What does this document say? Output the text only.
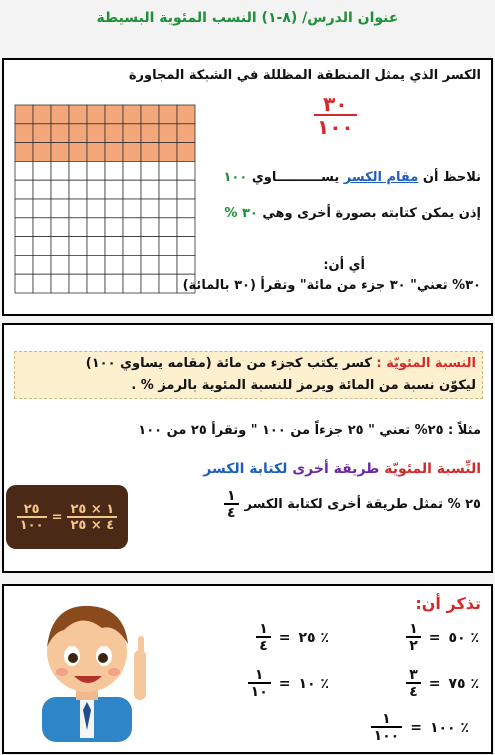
عنوان الدرس/ (٨-١) النسب المئوية البسيطة
الكسر الذي يمثل المنطقة المظللة في الشبكة المجاورة
٣٠
١٠٠
نلاحظ أن مقام الكسر يســــــــــاوي ١٠٠
إذن يمكن كتابته بصورة أخرى وهي ٣٠ %
أي أن:
٣٠% تعني" ٣٠ جزء من مائة" وتقرأ (٣٠ بالمائة)
النسبة المئويّة : كسر يكتب كجزء من مائة (مقامه يساوي ١٠٠)
ليكوّن نسبة من المائة ويرمز للنسبة المئوية بالرمز % .
مثلاً : ٢٥% تعني " ٢٥ جزءاً من ١٠٠ " وتقرأ ٢٥ من ١٠٠
النِّسبة المئويّة طريقة أخرى لكتابة الكسر
٢٥ % تمثل طريقة أخرى لكتابة الكسر
$\frac{١}{٤}$
$\frac{٢٥}{١٠٠} = \frac{١ \times ٢٥}{٤ \times ٢٥}$
تذكر أن:
$\frac{١}{٢}$ = ٥٠ ٪
$\frac{١}{٤}$ = ٢٥ ٪
$\frac{٣}{٤}$ = ٧٥ ٪
$\frac{١}{١٠}$ = ١٠ ٪
$\frac{١}{١٠٠}$ = ١٠٠ ٪
